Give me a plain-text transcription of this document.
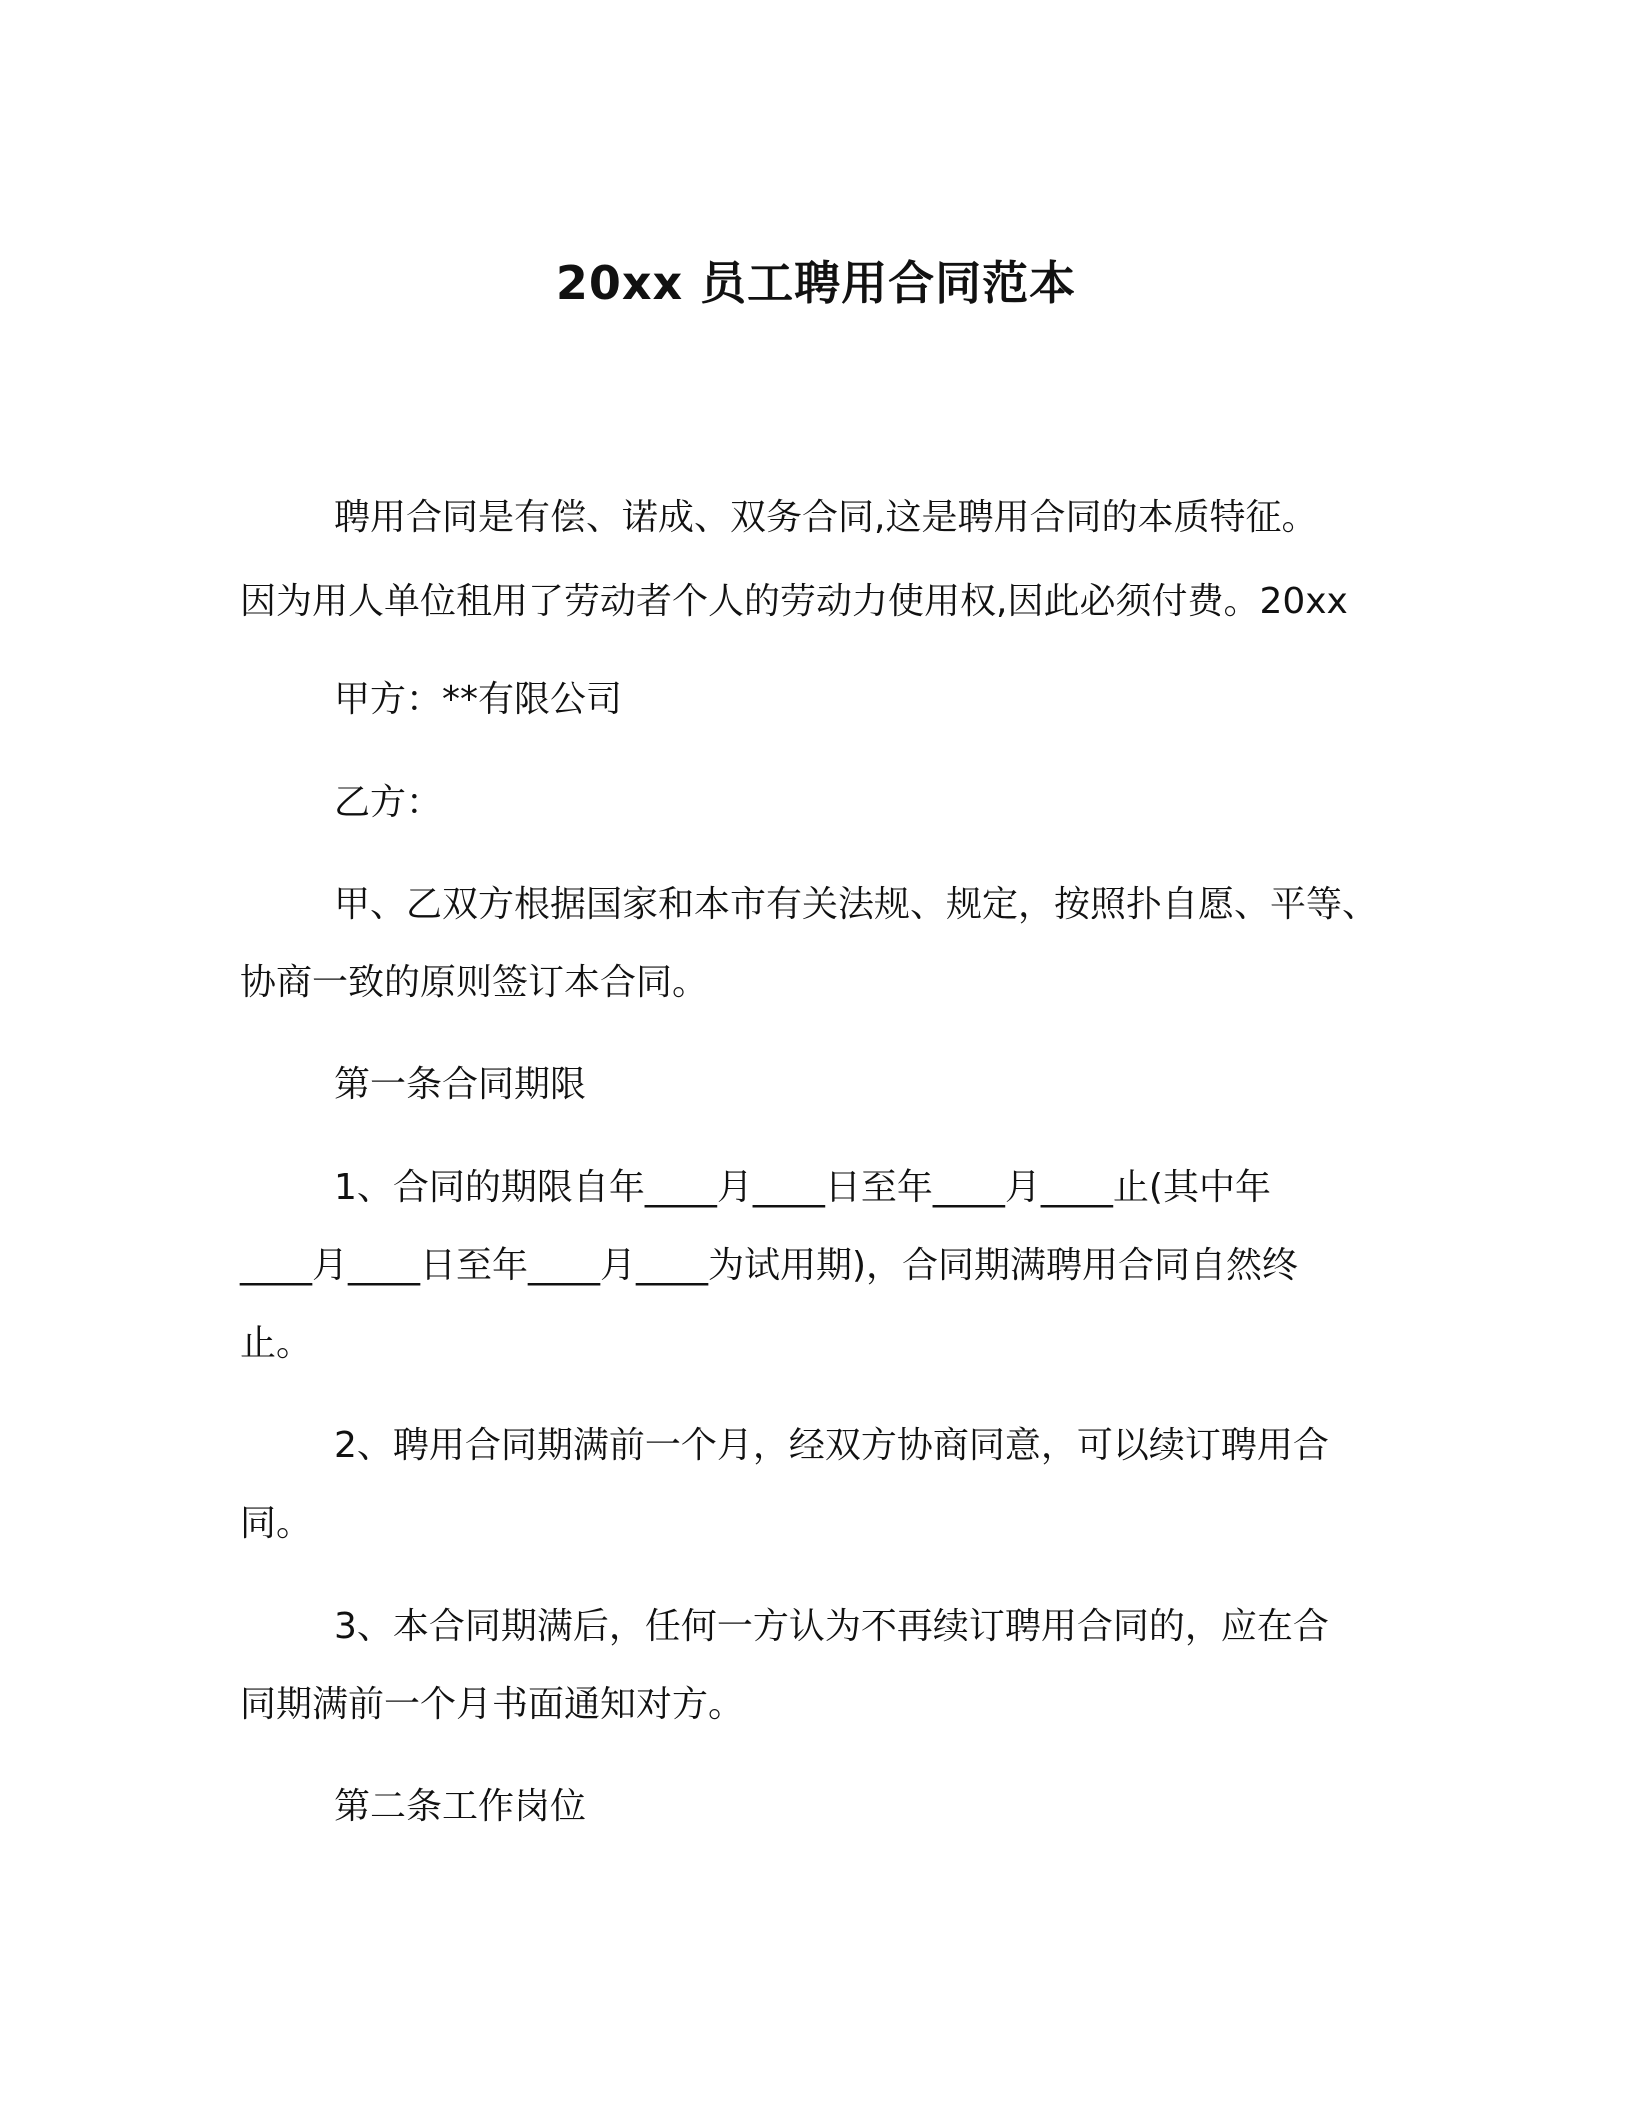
20xx 员工聘用合同范本

聘用合同是有偿、诺成、双务合同,这是聘用合同的本质特征。

因为用人单位租用了劳动者个人的劳动力使用权,因此必须付费。20xx

甲方：**有限公司

乙方：

甲、乙双方根据国家和本市有关法规、规定，按照扑自愿、平等、

协商一致的原则签订本合同。

第一条合同期限

1、合同的期限自年____月____日至年____月____止(其中年

____月____日至年____月____为试用期)，合同期满聘用合同自然终

止。

2、聘用合同期满前一个月，经双方协商同意，可以续订聘用合

同。

3、本合同期满后，任何一方认为不再续订聘用合同的，应在合

同期满前一个月书面通知对方。

第二条工作岗位
